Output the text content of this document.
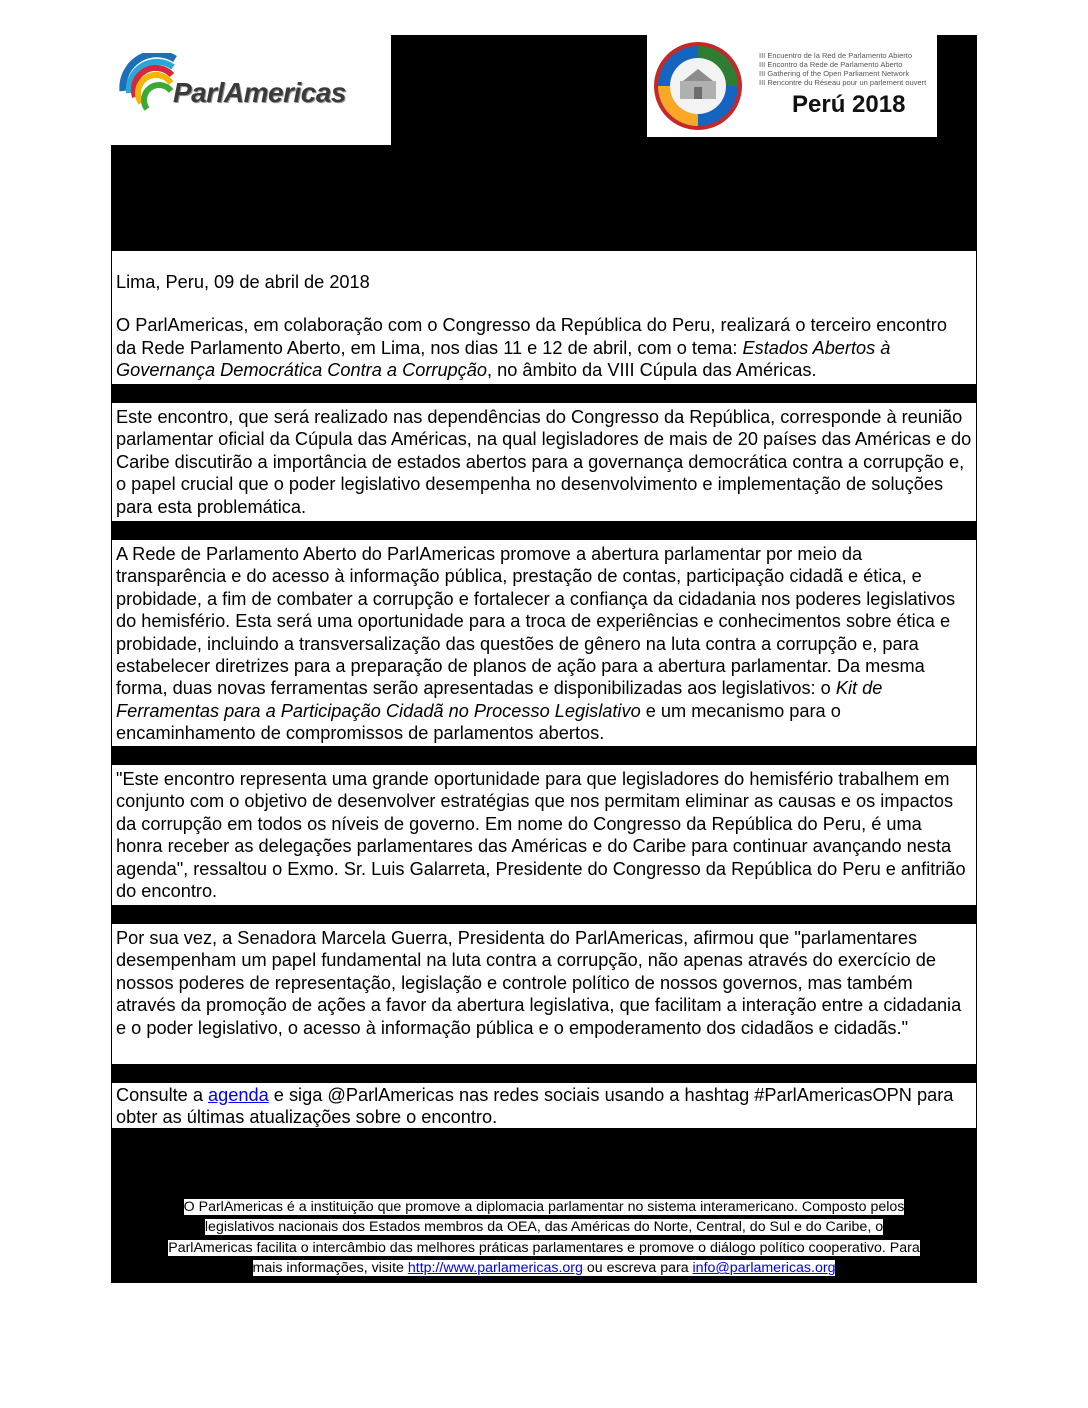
ParlAmericas
III Encuentro de la Red de Parlamento Abierto
III Encontro da Rede de Parlamento Aberto
III Gathering of the Open Parliament Network
III Rencontre du Réseau pour un parlement ouvert
Perú 2018

Lima, Peru, 09 de abril de 2018

O ParlAmericas, em colaboração com o Congresso da República do Peru, realizará o terceiro encontro da Rede Parlamento Aberto, em Lima, nos dias 11 e 12 de abril, com o tema: Estados Abertos à Governança Democrática Contra a Corrupção, no âmbito da VIII Cúpula das Américas.

Este encontro, que será realizado nas dependências do Congresso da República, corresponde à reunião parlamentar oficial da Cúpula das Américas, na qual legisladores de mais de 20 países das Américas e do Caribe discutirão a importância de estados abertos para a governança democrática contra a corrupção e, o papel crucial que o poder legislativo desempenha no desenvolvimento e implementação de soluções para esta problemática.

A Rede de Parlamento Aberto do ParlAmericas promove a abertura parlamentar por meio da transparência e do acesso à informação pública, prestação de contas, participação cidadã e ética, e probidade, a fim de combater a corrupção e fortalecer a confiança da cidadania nos poderes legislativos do hemisfério. Esta será uma oportunidade para a troca de experiências e conhecimentos sobre ética e probidade, incluindo a transversalização das questões de gênero na luta contra a corrupção e, para estabelecer diretrizes para a preparação de planos de ação para a abertura parlamentar. Da mesma forma, duas novas ferramentas serão apresentadas e disponibilizadas aos legislativos: o Kit de Ferramentas para a Participação Cidadã no Processo Legislativo e um mecanismo para o encaminhamento de compromissos de parlamentos abertos.

"Este encontro representa uma grande oportunidade para que legisladores do hemisfério trabalhem em conjunto com o objetivo de desenvolver estratégias que nos permitam eliminar as causas e os impactos da corrupção em todos os níveis de governo. Em nome do Congresso da República do Peru, é uma honra receber as delegações parlamentares das Américas e do Caribe para continuar avançando nesta agenda", ressaltou o Exmo. Sr. Luis Galarreta, Presidente do Congresso da República do Peru e anfitrião do encontro.

Por sua vez, a Senadora Marcela Guerra, Presidenta do ParlAmericas, afirmou que "parlamentares desempenham um papel fundamental na luta contra a corrupção, não apenas através do exercício de nossos poderes de representação, legislação e controle político de nossos governos, mas também através da promoção de ações a favor da abertura legislativa, que facilitam a interação entre a cidadania e o poder legislativo, o acesso à informação pública e o empoderamento dos cidadãos e cidadãs."

Consulte a agenda e siga @ParlAmericas nas redes sociais usando a hashtag #ParlAmericasOPN para obter as últimas atualizações sobre o encontro.

O ParlAmericas é a instituição que promove a diplomacia parlamentar no sistema interamericano. Composto pelos
legislativos nacionais dos Estados membros da OEA, das Américas do Norte, Central, do Sul e do Caribe, o
ParlAmericas facilita o intercâmbio das melhores práticas parlamentares e promove o diálogo político cooperativo. Para
mais informações, visite http://www.parlamericas.org ou escreva para info@parlamericas.org
